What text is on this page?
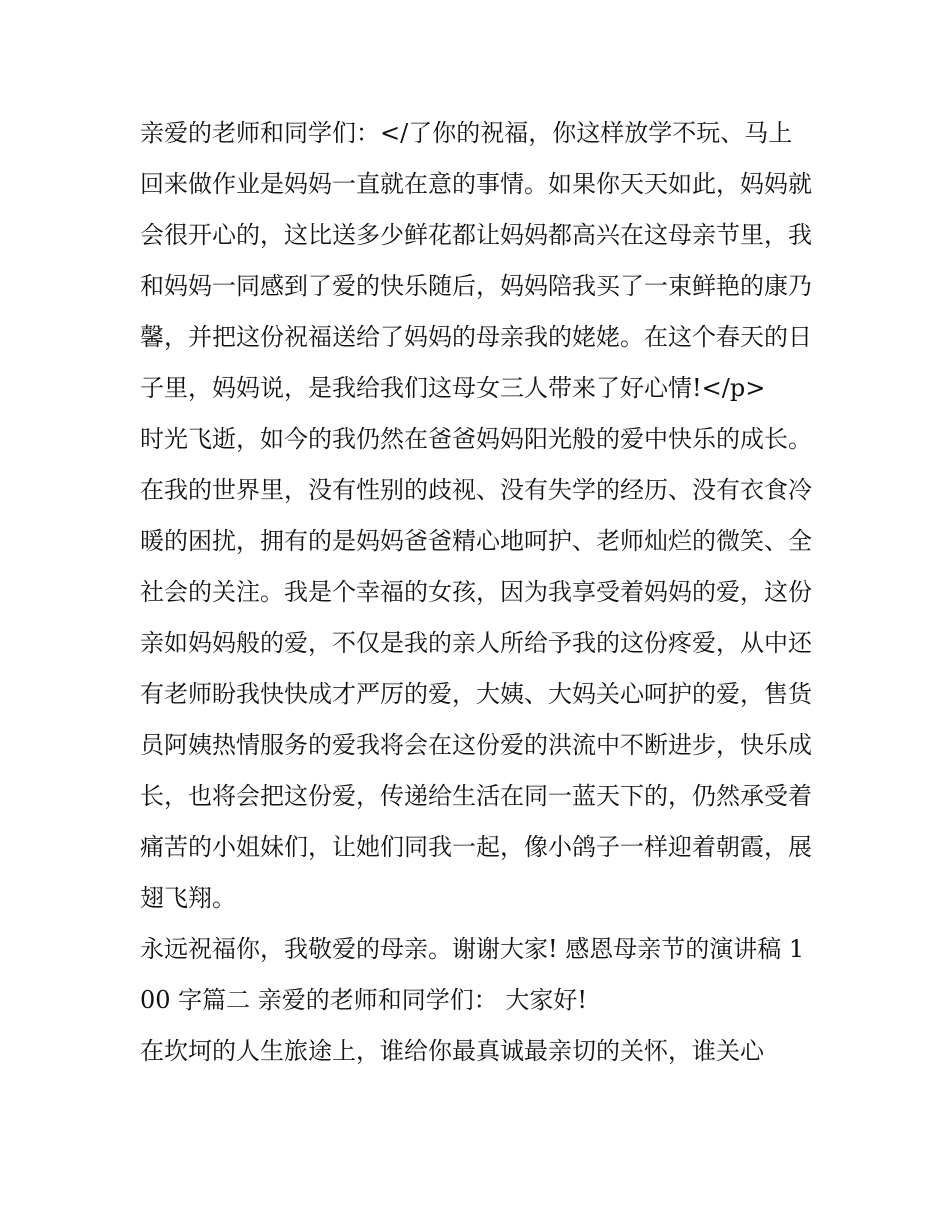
亲爱的老师和同学们：</了你的祝福，你这样放学不玩、马上回来做作业是妈妈一直就在意的事情。如果你天天如此，妈妈就会很开心的，这比送多少鲜花都让妈妈都高兴在这母亲节里，我和妈妈一同感到了爱的快乐随后，妈妈陪我买了一束鲜艳的康乃馨，并把这份祝福送给了妈妈的母亲我的姥姥。在这个春天的日子里，妈妈说，是我给我们这母女三人带来了好心情!</p>

时光飞逝，如今的我仍然在爸爸妈妈阳光般的爱中快乐的成长。在我的世界里，没有性别的歧视、没有失学的经历、没有衣食冷暖的困扰，拥有的是妈妈爸爸精心地呵护、老师灿烂的微笑、全社会的关注。我是个幸福的女孩，因为我享受着妈妈的爱，这份亲如妈妈般的爱，不仅是我的亲人所给予我的这份疼爱，从中还有老师盼我快快成才严厉的爱，大姨、大妈关心呵护的爱，售货员阿姨热情服务的爱我将会在这份爱的洪流中不断进步，快乐成长，也将会把这份爱，传递给生活在同一蓝天下的，仍然承受着痛苦的小姐妹们，让她们同我一起，像小鸽子一样迎着朝霞，展翅飞翔。

永远祝福你，我敬爱的母亲。谢谢大家! 感恩母亲节的演讲稿 100 字篇二 亲爱的老师和同学们： 大家好!

在坎坷的人生旅途上，谁给你最真诚最亲切的关怀，谁关心
